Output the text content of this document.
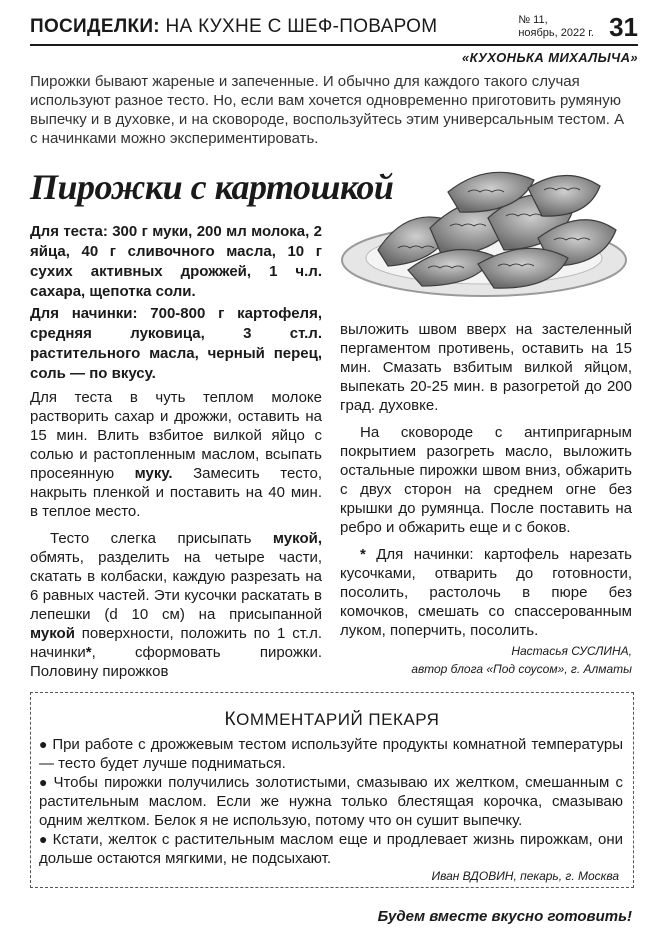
ПОСИДЕЛКИ: НА КУХНЕ С ШЕФ-ПОВАРОМ	№ 11,
ноябрь, 2022 г. 31
«КУХОНЬКА МИХАЛЫЧА»
Пирожки бывают жареные и запеченные. И обычно для каждого такого случая используют разное тесто. Но, если вам хочется одновременно приготовить румяную выпечку и в духовке, и на сковороде, воспользуйтесь этим универсальным тестом. А с начинками можно экспериментировать.
Пирожки с картошкой

Для теста: 300 г муки, 200 мл молока, 2 яйца, 40 г сливочного масла, 10 г сухих активных дрожжей, 1 ч.л. сахара, щепотка соли.

Для начинки: 700-800 г картофеля, средняя луковица, 3 ст.л. растительного масла, черный перец, соль — по вкусу.

Для теста в чуть теплом молоке растворить сахар и дрожжи, оставить на 15 мин. Влить взбитое вилкой яйцо с солью и растопленным маслом, всыпать просеянную муку. Замесить тесто, накрыть пленкой и поставить на 40 мин. в теплое место.

Тесто слегка присыпать мукой, обмять, разделить на четыре части, скатать в колбаски, каждую разрезать на 6 равных частей. Эти кусочки раскатать в лепешки (d 10 см) на присыпанной мукой поверхности, положить по 1 ст.л. начинки*, сформовать пирожки. Половину пирожков

выложить швом вверх на застеленный пергаментом противень, оставить на 15 мин. Смазать взбитым вилкой яйцом, выпекать 20-25 мин. в разогретой до 200 град. духовке.

На сковороде с антипригарным покрытием разогреть масло, выложить остальные пирожки швом вниз, обжарить с двух сторон на среднем огне без крышки до румянца. После поставить на ребро и обжарить еще и с боков.

* Для начинки: картофель нарезать кусочками, отварить до готовности, посолить, растолочь в пюре без комочков, смешать со спассерованным луком, поперчить, посолить.

Настасья СУСЛИНА,
автор блога «Под соусом», г. Алматы
КОММЕНТАРИЙ ПЕКАРЯ
● При работе с дрожжевым тестом используйте продукты комнатной температуры — тесто будет лучше подниматься.
● Чтобы пирожки получились золотистыми, смазываю их желтком, смешанным с растительным маслом. Если же нужна только блестящая корочка, смазываю одним желтком. Белок я не использую, потому что он сушит выпечку.
● Кстати, желток с растительным маслом еще и продлевает жизнь пирожкам, они дольше остаются мягкими, не подсыхают.
Иван ВДОВИН, пекарь, г. Москва
Будем вместе вкусно готовить!
